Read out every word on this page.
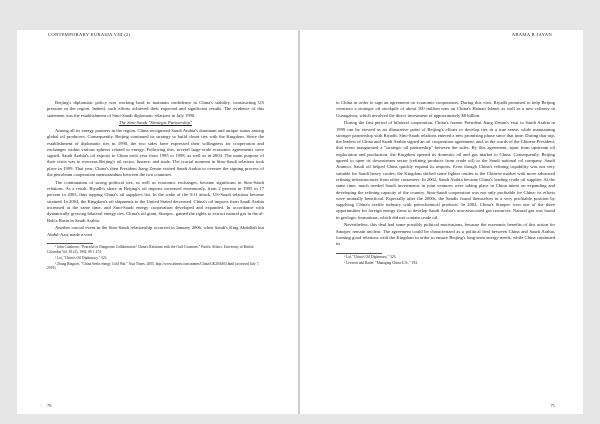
Beijing's diplomatic policy was working hard to maintain confidence in China's stability, constructing US pressure in the region. Indeed, such efforts achieved their expected and significant results. The evidence of this statement was the establishment of Sino-Saudi diplomatic relations in July 1990.

The Sino-Saudi "Strategic Partnership"

Among all its energy partners in the region, China recognized Saudi Arabia's dominant and unique status among global oil producers. Consequently, Beijing continued its strategy to build closer ties with the Kingdom. Since the establishment of diplomatic ties in 1990, the two sides have expressed their willingness for cooperation and exchanges within various spheres related to energy. Following this, several large-scale economic agreements were signed. Saudi Arabia's oil exports to China each year from 1995 to 1998, as well as in 2004. The main purpose of their visits was to overseas Beijing's oil sector, finance, and trade. The crucial moment in Sino-Saudi relations took place in 1999. That year, China's then President Jiang Zemin visited Saudi Arabia to oversee the signing process of the petroleum cooperation memorandum between the two countries.

The continuation of strong political ties, as well as economic exchanges, became significant in Sino-Saudi relations. As a result, Riyadh's share in Beijing's oil imports increased enormously, from 2 percent in 1995 to 17 percent in 2003, thus topping China's oil suppliers list. In the wake of the 9/11 attack, US-Saudi relations became strained. In 2004, the Kingdom's oil shipments to the United Stated decreased. China's oil imports from Saudi Arabia increased at the same time, and Sino-Saudi energy cooperation developed and expanded. In accordance with dynamically growing bilateral energy ties, China's oil giant, Sinopec, gained the rights to extract natural gas in the al-Rub'a Basin in Saudi Arabia.

Another crucial event in the Sino-Saudi relationship occurred in January 2006, when Saudi's King Abdullah bin Abdul-Aziz made a visit

¹ John Calabrese, "Peaceful or Dangerous Collaborators? China's Relations with the Gulf Countries," Pacific Affairs, University of British Columbia Vol. 65 (4), 1992, 89 f. 474.

² Lai, "China's Oil Diplomacy," 323.

³ Zhang Bingwei, "China Seeks energy Cold War," Asia Times, 2005. http://www.atimes.com/atimes/China/GK20Ad03.html (accessed July 7, 2019).

70

to China in order to sign an agreement on economic cooperation. During this visit, Riyadh promised to help Beijing construct a strategic oil stockpile of about 100 million tons on China's Hainan Island, as well as a new refinery in Guangzhou, which involved the direct investment of approximately $8 billion.

During the first period of bilateral cooperation, China's former President Jiang Zemin's visit to Saudi Arabia in 1999 can be viewed as an illustrative point of Beijing's efforts to develop ties in a true sense, while maintaining stronger partnership with Riyadh. Sino-Saudi relations entered a new promising phase since that time. During that trip, the leaders of China and Saudi Arabia signed an oil cooperation agreement, and, in the words of the Chinese President, that event inaugurated a "strategic oil partnership" between the sides. By this agreement, apart from upstream oil exploration and production, the Kingdom opened its domestic oil and gas market to China. Consequently, Beijing agreed to open its downstream sector (refining products from crude oil) to the Saudi national oil company, Saudi Aramco. Saudi oil helped China quickly expand its imports. Even though China's refining capability was not very suitable for Saudi heavy crudes, the Kingdom shifted some lighter crudes to the Chinese market with more advanced refining infrastructures from other customers. In 2002, Saudi Arabia became China's leading crude oil supplier. At the same time, much needed Saudi investments in joint ventures were taking place in China intent on expanding and developing the refining capacity of the country. Sino-Saudi cooperation was not only profitable for China: its efforts were mutually beneficial. Especially after the 2000s, the Saudis found themselves in a very profitable position by supplying China's textile industry with petrochemical products. In 2004, China's Sinopec won one of the three opportunities for foreign energy firms to develop Saudi Arabia's non-associated gas resources. Natural gas was found in geologic formations, which did not contain crude oil.

Nevertheless, this deal had some possibly political motivations, because the economic benefits of this action for Sinopec remain unclear. The agreement could be characterized as a political deal between China and Saudi Arabia, forming good relations with the Kingdom in order to ensure Beijing's long-term energy needs, while China continued its

¹ Lai, "China's Oil Diplomacy," 323.

² Leverett and Bader, "Managing China-U.S.," 194.

71
CONTEMPORARY EURASIA VIII (2)	ABAMA B JAYAN
